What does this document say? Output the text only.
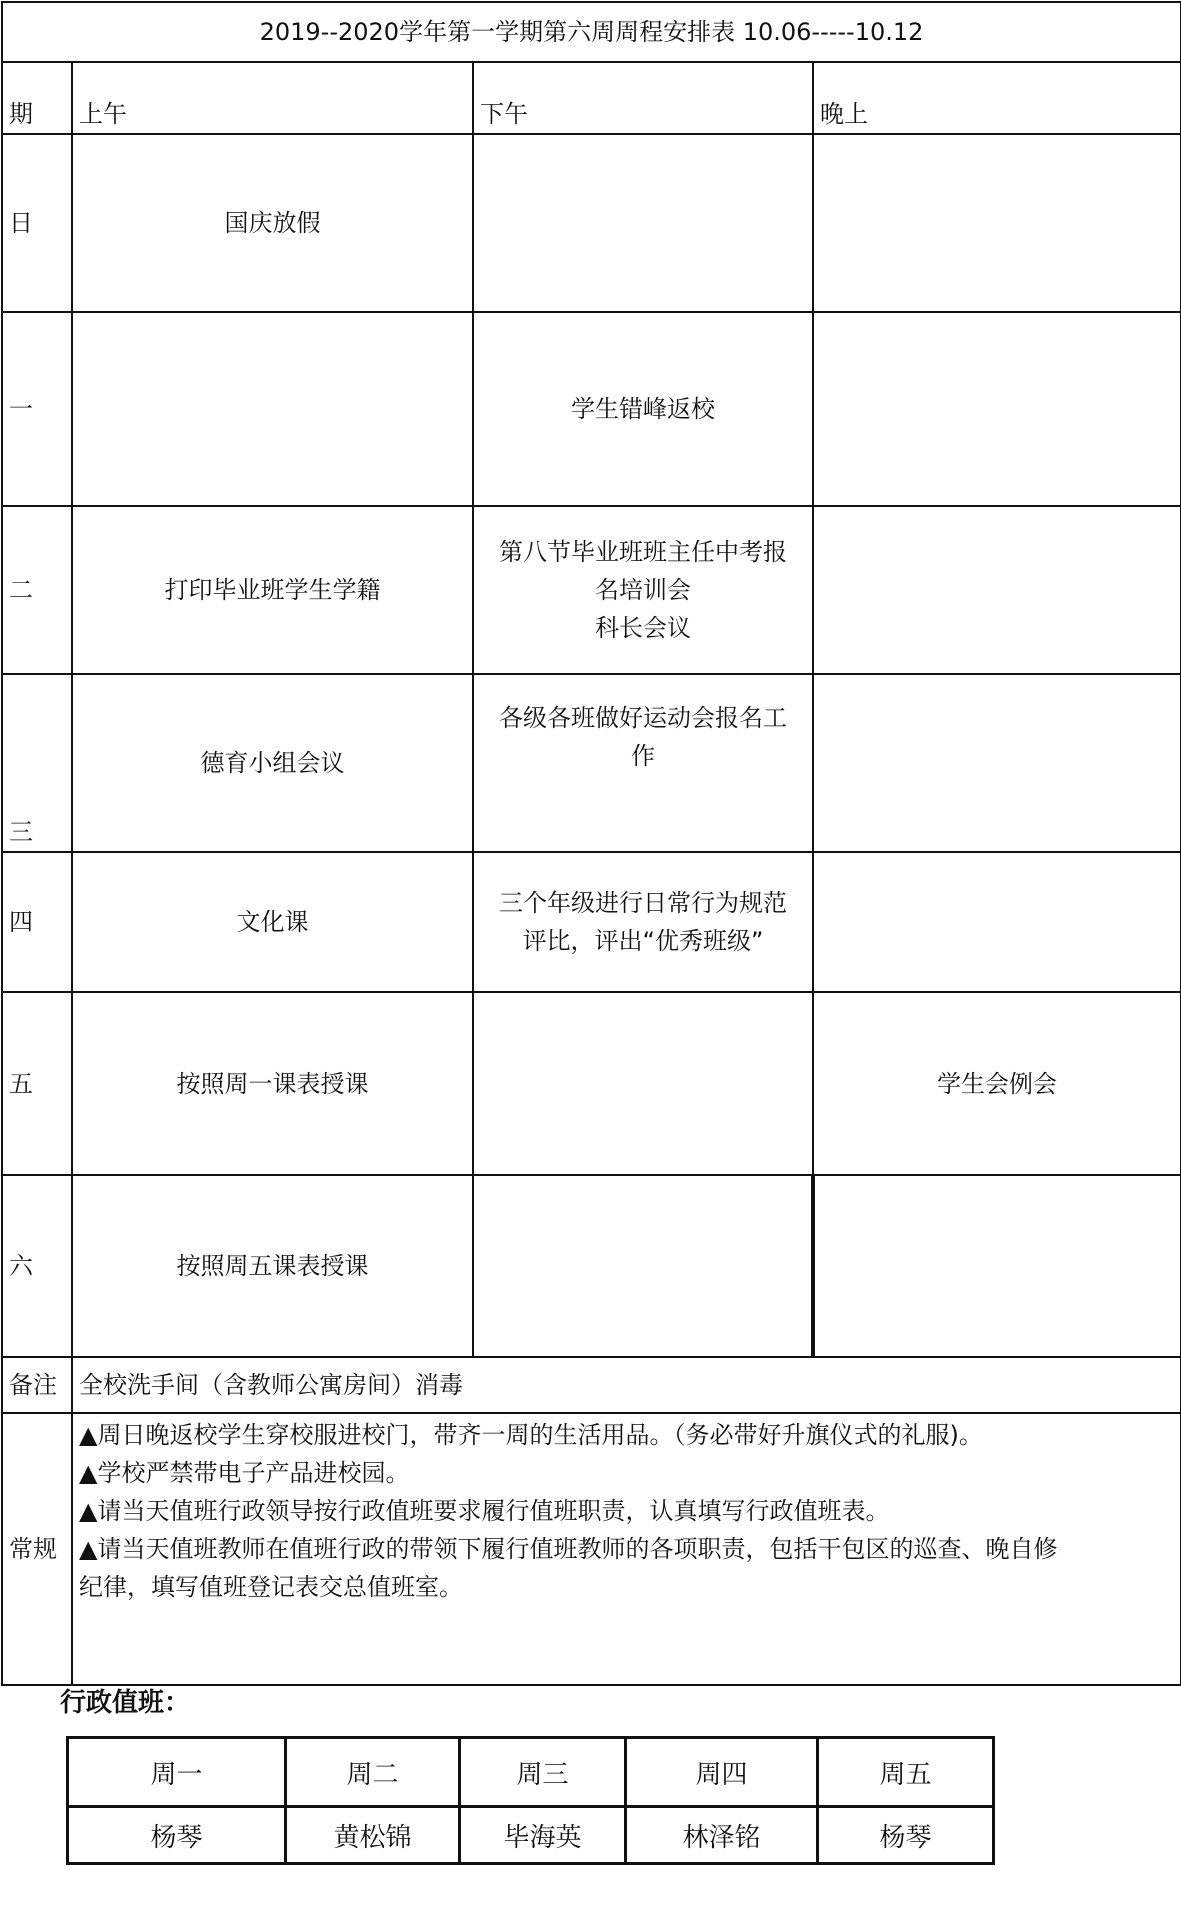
2019--2020学年第一学期第六周周程安排表 10.06-----10.12			

期	上午	下午	晚上

日	国庆放假		
一		学生错峰返校	

二	打印毕业班学生学籍	第八节毕业班班主任中考报
名培训会
科长会议	

三	德育小组会议	各级各班做好运动会报名工
作	

四	文化课	三个年级进行日常行为规范
评比，评出“优秀班级”	

五	按照周一课表授课		学生会例会
六	按照周五课表授课		
备注	全校洗手间（含教师公寓房间）消毒		
常规	▲周日晚返校学生穿校服进校门，带齐一周的生活用品。（务必带好升旗仪式的礼服)。
▲学校严禁带电子产品进校园。
▲请当天值班行政领导按行政值班要求履行值班职责，认真填写行政值班表。
▲请当天值班教师在值班行政的带领下履行值班教师的各项职责，包括干包区的巡查、晚自修
纪律，填写值班登记表交总值班室。		

行政值班：

周一	周二	周三	周四	周五
杨琴	黄松锦	毕海英	林泽铭	杨琴
